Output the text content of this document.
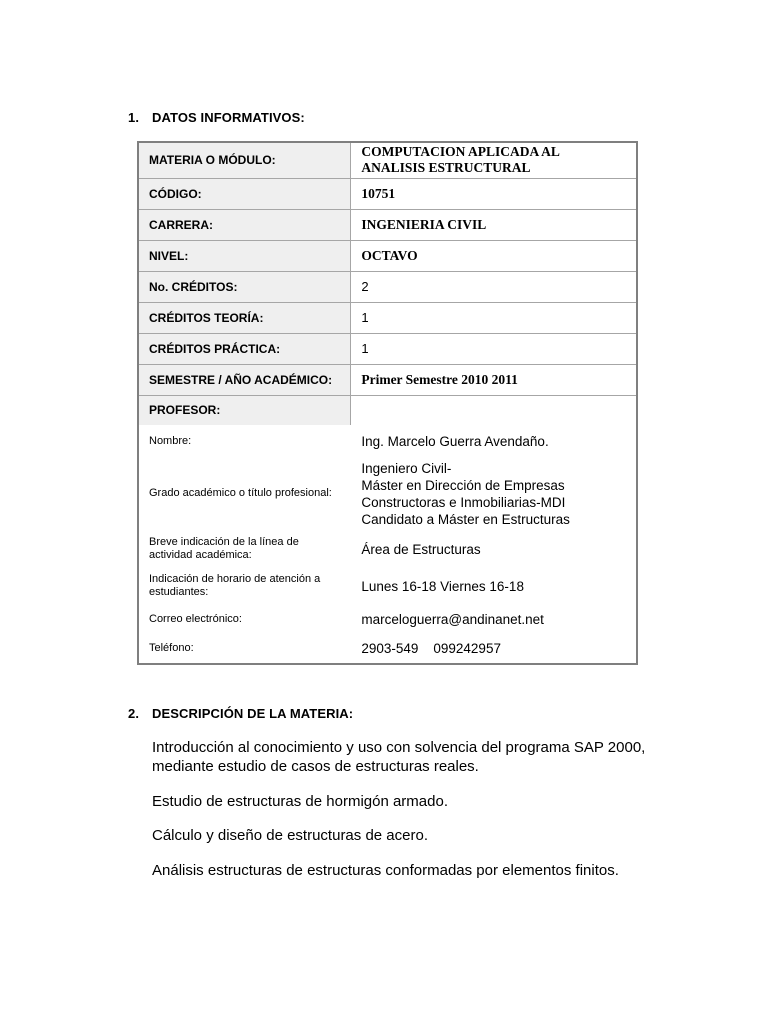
1. DATOS INFORMATIVOS:
MATERIA O MÓDULO:	COMPUTACION APLICADA AL
ANALISIS ESTRUCTURAL

CÓDIGO:	10751
CARRERA:	INGENIERIA CIVIL
NIVEL:	OCTAVO
No. CRÉDITOS:	2
CRÉDITOS TEORÍA:	1
CRÉDITOS PRÁCTICA:	1
SEMESTRE / AÑO ACADÉMICO:	Primer Semestre 2010 2011
PROFESOR:	
Nombre:	Ing. Marcelo Guerra Avendaño.
Grado académico o título profesional:	Ingeniero Civil-
Máster en Dirección de Empresas
Constructoras e Inmobiliarias-MDI
Candidato a Máster en Estructuras

Breve indicación de la línea de
actividad académica:	Área de Estructuras

Indicación de horario de atención a
estudiantes:	Lunes 16-18 Viernes 16-18
Correo electrónico:	marceloguerra@andinanet.net
Teléfono:	2903-549    099242957
2. DESCRIPCIÓN DE LA MATERIA:
Introducción al conocimiento y uso con solvencia del programa SAP 2000, mediante estudio de casos de estructuras reales.
Estudio de estructuras de hormigón armado.
Cálculo y diseño de estructuras de acero.
Análisis estructuras de estructuras conformadas por elementos finitos.
